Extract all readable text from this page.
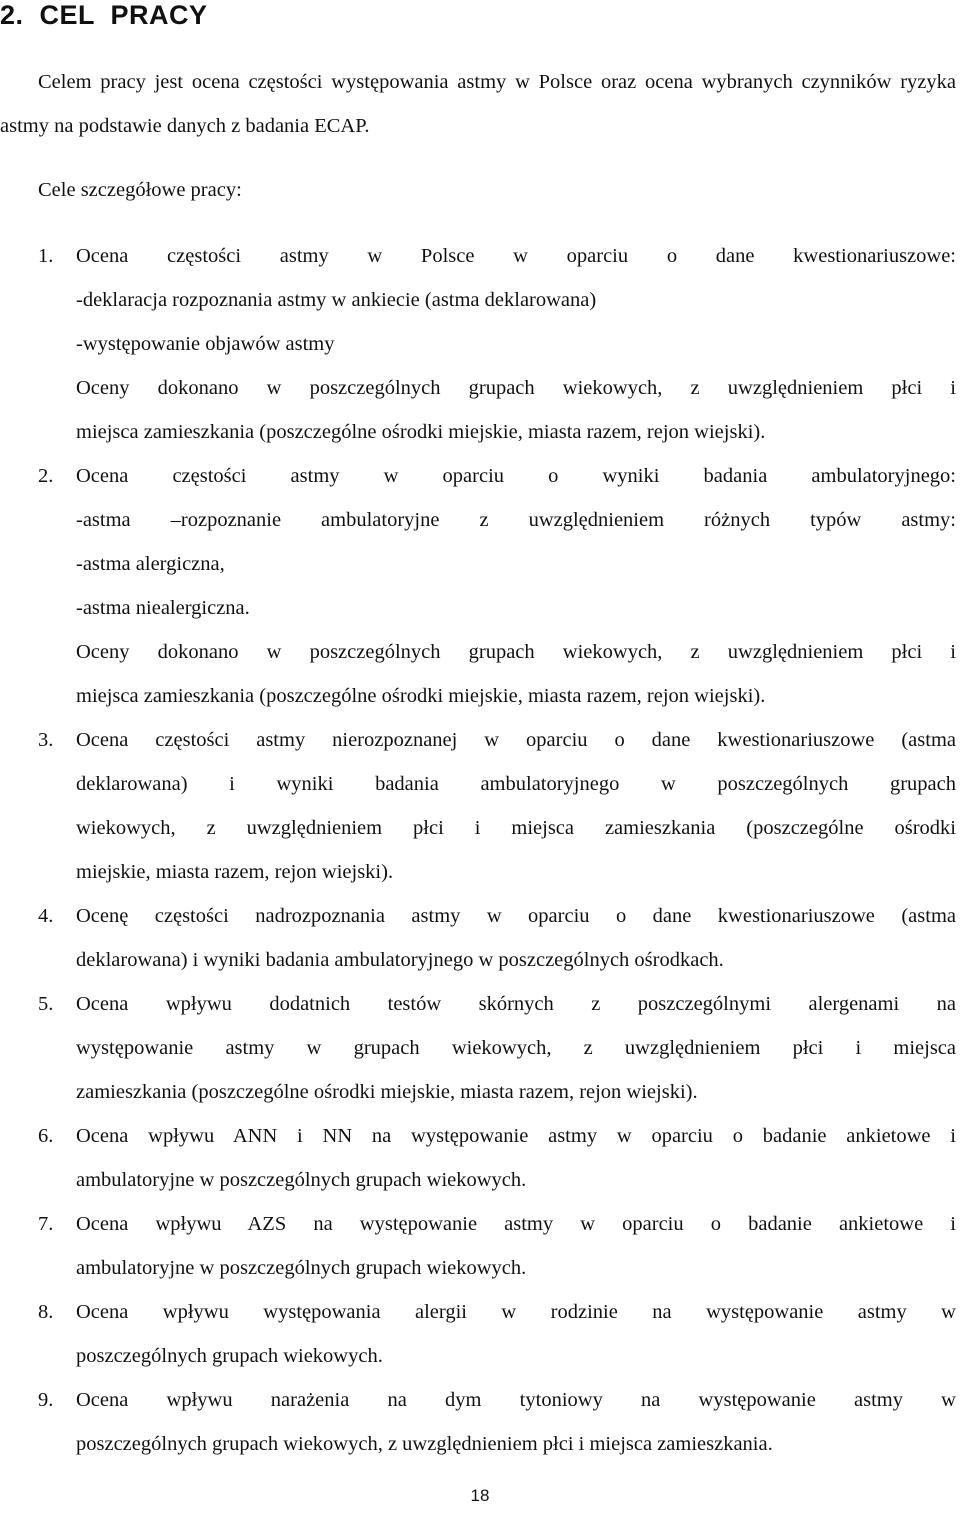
2.  CEL  PRACY

Celem pracy jest ocena częstości występowania astmy w Polsce oraz ocena wybranych czynników ryzyka astmy na podstawie danych z badania ECAP.

Cele szczegółowe pracy:

1. Ocena częstości astmy w Polsce w oparciu o dane kwestionariuszowe:
-deklaracja rozpoznania astmy w ankiecie (astma deklarowana)
-występowanie objawów astmy
Oceny dokonano w poszczególnych grupach wiekowych, z uwzględnieniem płci i
miejsca zamieszkania (poszczególne ośrodki miejskie, miasta razem, rejon wiejski).
2. Ocena częstości astmy w oparciu o wyniki badania ambulatoryjnego:
-astma –rozpoznanie ambulatoryjne z uwzględnieniem różnych typów astmy:
-astma alergiczna,
-astma niealergiczna.
Oceny dokonano w poszczególnych grupach wiekowych, z uwzględnieniem płci i
miejsca zamieszkania (poszczególne ośrodki miejskie, miasta razem, rejon wiejski).
3. Ocena częstości astmy nierozpoznanej w oparciu o dane kwestionariuszowe (astma
deklarowana) i wyniki badania ambulatoryjnego w poszczególnych grupach
wiekowych, z uwzględnieniem płci i miejsca zamieszkania (poszczególne ośrodki
miejskie, miasta razem, rejon wiejski).
4. Ocenę częstości nadrozpoznania astmy w oparciu o dane kwestionariuszowe (astma
deklarowana) i wyniki badania ambulatoryjnego w poszczególnych ośrodkach.
5. Ocena wpływu dodatnich testów skórnych z poszczególnymi alergenami na
występowanie astmy w grupach wiekowych, z uwzględnieniem płci i miejsca
zamieszkania (poszczególne ośrodki miejskie, miasta razem, rejon wiejski).
6. Ocena wpływu ANN i NN na występowanie astmy w oparciu o badanie ankietowe i
ambulatoryjne w poszczególnych grupach wiekowych.
7. Ocena wpływu AZS na występowanie astmy w oparciu o badanie ankietowe i
ambulatoryjne w poszczególnych grupach wiekowych.
8. Ocena wpływu występowania alergii w rodzinie na występowanie astmy w
poszczególnych grupach wiekowych.
9. Ocena wpływu narażenia na dym tytoniowy na występowanie astmy w
poszczególnych grupach wiekowych, z uwzględnieniem płci i miejsca zamieszkania.
18
